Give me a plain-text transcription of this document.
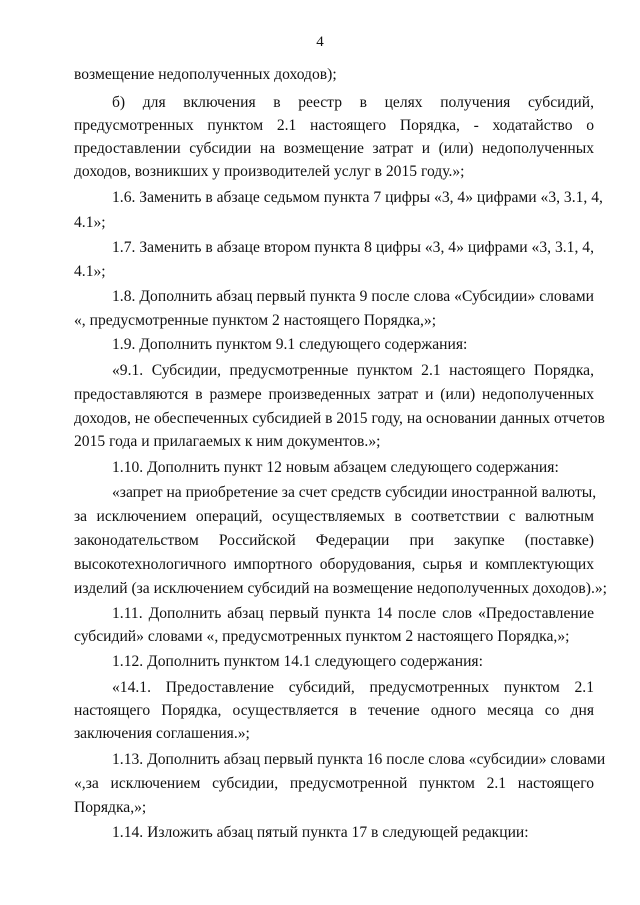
4
возмещение недополученных доходов);
б) для включения в реестр в целях получения субсидий,
предусмотренных пунктом 2.1 настоящего Порядка, - ходатайство о
предоставлении субсидии на возмещение затрат и (или) недополученных
доходов, возникших у производителей услуг в 2015 году.»;
1.6. Заменить в абзаце седьмом пункта 7 цифры «3, 4» цифрами «3, 3.1, 4,
4.1»;
1.7. Заменить в абзаце втором пункта 8 цифры «3, 4» цифрами «3, 3.1, 4,
4.1»;
1.8. Дополнить абзац первый пункта 9 после слова «Субсидии» словами
«, предусмотренные пунктом 2 настоящего Порядка,»;
1.9. Дополнить пунктом 9.1 следующего содержания:
«9.1. Субсидии, предусмотренные пунктом 2.1 настоящего Порядка,
предоставляются в размере произведенных затрат и (или) недополученных
доходов, не обеспеченных субсидией в 2015 году, на основании данных отчетов
2015 года и прилагаемых к ним документов.»;
1.10. Дополнить пункт 12 новым абзацем следующего содержания:
«запрет на приобретение за счет средств субсидии иностранной валюты,
за исключением операций, осуществляемых в соответствии с валютным
законодательством Российской Федерации при закупке (поставке)
высокотехнологичного импортного оборудования, сырья и комплектующих
изделий (за исключением субсидий на возмещение недополученных доходов).»;
1.11. Дополнить абзац первый пункта 14 после слов «Предоставление
субсидий» словами «, предусмотренных пунктом 2 настоящего Порядка,»;
1.12. Дополнить пунктом 14.1 следующего содержания:
«14.1. Предоставление субсидий, предусмотренных пунктом 2.1
настоящего Порядка, осуществляется в течение одного месяца со дня
заключения соглашения.»;
1.13. Дополнить абзац первый пункта 16 после слова «субсидии» словами
«,за исключением субсидии, предусмотренной пунктом 2.1 настоящего
Порядка,»;
1.14. Изложить абзац пятый пункта 17 в следующей редакции:
